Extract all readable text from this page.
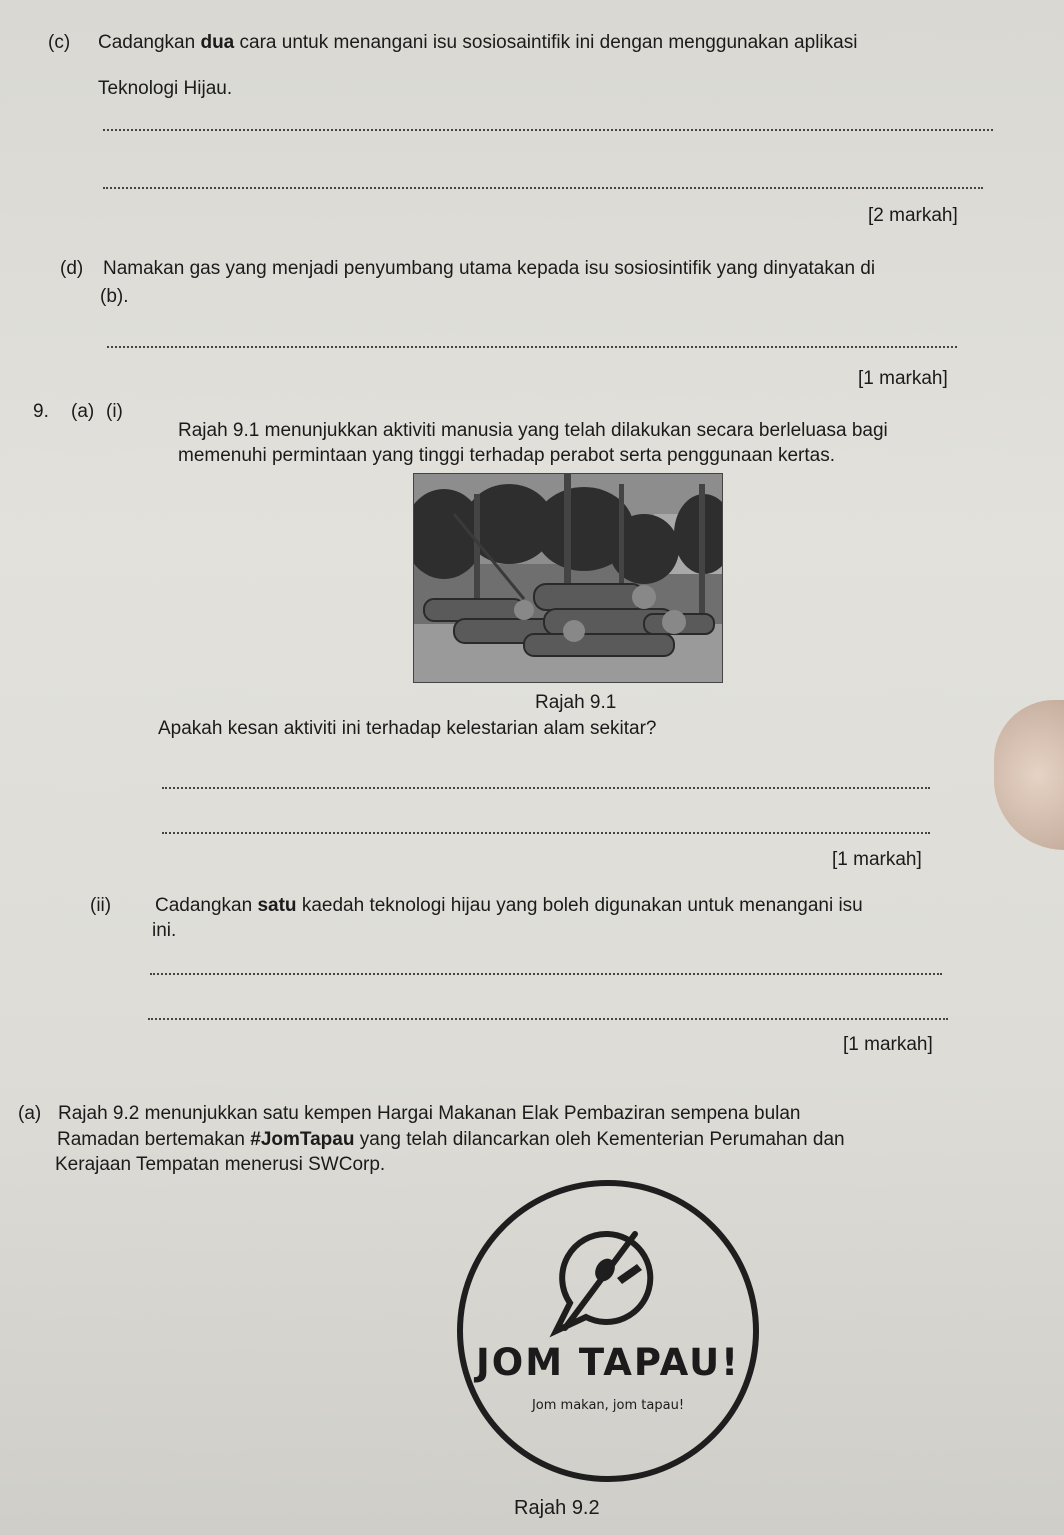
(c) Cadangkan dua cara untuk menangani isu sosiosaintifik ini dengan menggunakan aplikasi
Teknologi Hijau.
[2 markah]
(d) Namakan gas yang menjadi penyumbang utama kepada isu sosiosintifik yang dinyatakan di
(b).
[1 markah]
9. (a) (i)
Rajah 9.1 menunjukkan aktiviti manusia yang telah dilakukan secara berleluasa bagi
memenuhi permintaan yang tinggi terhadap perabot serta penggunaan kertas.
Rajah 9.1
Apakah kesan aktiviti ini terhadap kelestarian alam sekitar?
[1 markah]
(ii) Cadangkan satu kaedah teknologi hijau yang boleh digunakan untuk menangani isu
ini.
[1 markah]
(a) Rajah 9.2 menunjukkan satu kempen Hargai Makanan Elak Pembaziran sempena bulan
Ramadan bertemakan #JomTapau yang telah dilancarkan oleh Kementerian Perumahan dan
Kerajaan Tempatan menerusi SWCorp.
JOM TAPAU!
Jom makan, jom tapau!
Rajah 9.2
